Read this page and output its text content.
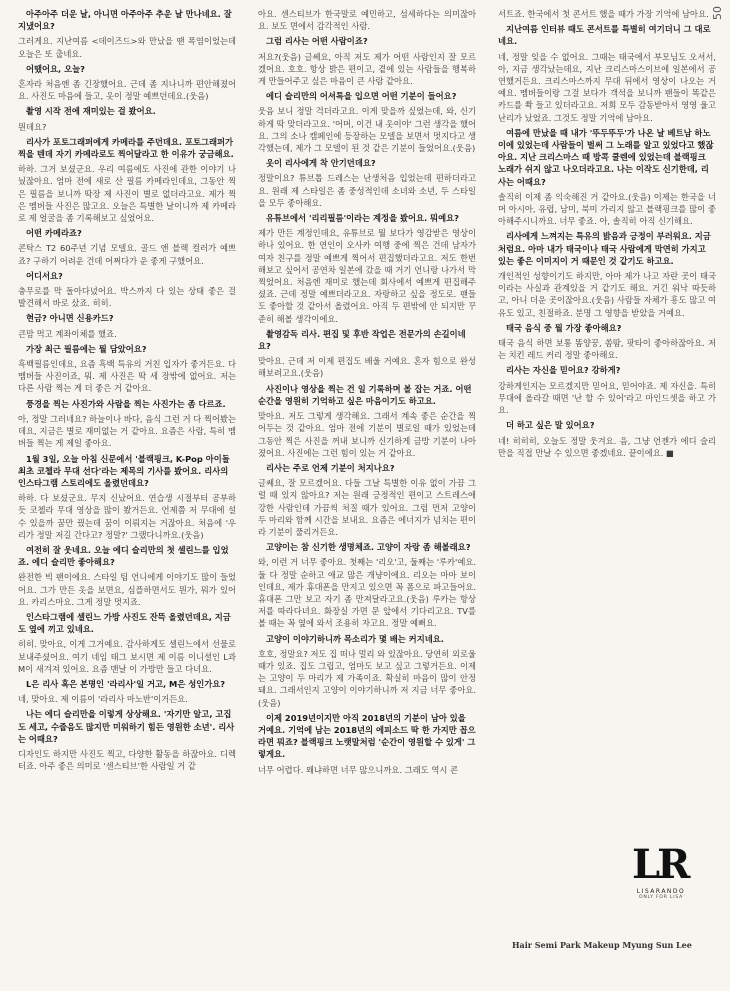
50

아주아주 더운 날, 아니면 아주아주 추운 날 만나네요. 잘 지냈어요?

그러게요. 지난여름 <데이즈드>와 만났을 땐 폭염이었는데 오늘은 또 춥네요.

어땠어요, 오늘?

혼자라 처음엔 좀 긴장했어요. 근데 좀 지나니까 편안해졌어요. 사진도 마음에 들고, 옷이 정말 예쁘던데요.(웃음)

촬영 시작 전에 재미있는 걸 봤어요.

뭔데요?

리사가 포토그래퍼에게 카메라를 주던데요. 포토그래퍼가 찍을 텐데 자기 카메라로도 찍어달라고 한 이유가 궁금해요.

하하. 그거 보셨군요. 우리 여름에도 사진에 관한 이야기 나눴잖아요. 엄마 전에 새로 산 필름 카메라인데요, 그동안 찍은 필름을 보니까 딱장 제 사진이 별로 없더라고요. 제가 찍은 멤버들 사진은 많고요. 오늘은 특별한 날이니까 제 카메라로 제 얼굴을 좀 기록해보고 싶었어요.

어떤 카메라죠?

콘탁스 T2 60주년 기념 모델요. 골드 앤 블랙 컬러가 예쁘죠? 구하기 어려운 건데 어쩌다가 운 좋게 구했어요.

어디서요?

충무로를 막 돌아다녔어요. 박스까지 다 있는 상태 좋은 걸 발견해서 바로 샀죠. 히히.

현금? 아니면 신용카드?

큰맘 먹고 계좌이체를 했죠.

가장 최근 필름에는 뭘 담았어요?

흑백필름인데요, 요즘 흑백 특유의 거친 입자가 좋거든요. 다 멤버들 사진이죠, 뭐. 제 사진은 딱 세 장밖에 없어요. 저는 다른 사람 찍는 게 더 좋은 거 같아요.

풍경을 찍는 사진가와 사람을 찍는 사진가는 좀 다르죠.

아, 정말 그러네요? 하늘이나 바다, 음식 그런 거 다 찍어봤는데요, 지금은 별로 재미없는 거 같아요. 요즘은 사람, 특히 멤버들 찍는 게 제일 좋아요.

1월 3일, 오늘 아침 신문에서 '블랙핑크, K-Pop 아이돌 최초 코첼라 무대 선다'라는 제목의 기사를 봤어요. 리사의 인스타그램 스토리에도 올렸던데요?

하하. 다 보셨군요. 무지 신났어요. 연습생 시절부터 공부하듯 코첼라 무대 영상을 많이 봤거든요. 언제쯤 저 무대에 설 수 있을까 꿈만 꿨는데 꿈이 이뤄지는 거잖아요. 처음에 '우리가 정말 저길 간다고? 정말?' 그랬다니까요.(웃음)

여전히 잘 웃네요. 오늘 에디 슬리만의 첫 셀린느를 입었죠. 에디 슬리만 좋아해요?

완전한 빅 팬이에요. 스타일 팀 언니에게 이야기도 많이 들었어요. 그가 만든 옷을 보면요, 심플하면서도 뭔가, 뭐가 있어요. 카리스마요. 그게 정말 멋지죠.

인스타그램에 셀린느 가방 사진도 잔뜩 올렸던데요, 지금도 옆에 끼고 있네요.

히히. 맞아요, 이게 그거예요. 감사하게도 셀린느에서 선물로 보내주셨어요. 여기 네임 태그 보시면 제 이름 이니셜인 L과 M이 새겨져 있어요. 요즘 맨날 이 가방만 들고 다녀요.

L은 리사 혹은 본명인 '라리사'일 거고, M은 성인가요?

네, 맞아요. 제 이름이 '라리사 마노반'이거든요.

나는 에디 슬리만을 이렇게 상상해요. '자기만 알고, 고집도 세고, 수줍음도 많지만 미워하기 힘든 영원한 소년'. 리사는 어때요?

디자인도 하지만 사진도 찍고, 다양한 활동을 하잖아요. 디렉터죠. 아주 좋은 의미로 '센스티브'한 사람일 거 같

아요. 센스티브가 한국말로 예민하고, 섬세하다는 의미잖아요. 보도 면에서 감각적인 사람.

그럼 리사는 어떤 사람이죠?

저요?(웃음) 글쎄요, 아직 저도 제가 어떤 사람인지 잘 모르겠어요. 호호. 항상 밝은 편이고, 곁에 있는 사람들을 행복하게 만들어주고 싶은 마음이 큰 사람 같아요.

에디 슬리만의 어셔톡을 입으면 어떤 기분이 들어요?

웃음 보니 정말 걱더라고요. 이게 맞을까 싶었는데, 와, 신기하게 딱 맞더라고요. '어머, 이건 내 옷이야' 그런 생각을 했어요. 그의 소나 캠페인에 등장하는 모델을 보면서 멋지다고 생각했는데, 제가 그 모델이 된 것 같은 기분이 들었어요.(웃음)

옷이 리사에게 착 안기던데요?

정말이요? 튜브톱 드레스는 난생처음 입었는데 편하더라고요. 원래 제 스타일은 좀 중성적인데 소녀와 소년, 두 스타일을 모두 좋아해요.

유튜브에서 '리리필름'이라는 계정을 봤어요. 뭐예요?

제가 만든 계정인데요, 유튜브로 뭘 보다가 영감받은 영상이 하나 있어요. 한 연인이 오사카 여행 중에 찍은 건데 남자가 여자 친구를 정말 예쁘게 찍어서 편집했더라고요. 저도 한번 해보고 싶어서 공연차 일본에 갔을 때 거기 언니랑 나가서 막 찍었어요. 처음엔 재미로 했는데 회사에서 예쁘게 편집해주셨죠. 근데 정말 예쁘더라고요. 자랑하고 싶을 정도로. 팬들도 좋아할 것 같아서 올렸어요. 아직 두 편밖에 안 되지만 꾸준히 해볼 생각이에요.

촬영감독 리사. 편집 및 후반 작업은 전문가의 손길이네요?

맞아요. 근데 저 이제 편집도 배울 거예요. 혼자 힘으로 완성해보려고요.(웃음)

사진이나 영상을 찍는 건 일 기록하며 볼 잡는 거죠. 어떤 순간을 영원히 기억하고 싶은 마음이기도 하고요.

맞아요. 저도 그렇게 생각해요. 그래서 계속 좋은 순간을 찍어두는 것 같아요. 엄마 전에 기분이 별로일 때가 있었는데 그동안 찍은 사진을 꺼내 보니까 신기하게 금방 기분이 나아졌어요. 사진에는 그런 힘이 있는 거 같아요.

리사는 주로 언제 기분이 처지나요?

글쎄요, 잘 모르겠어요. 다들 그날 특별한 이유 없이 가끔 그럴 때 있지 않아요? 저는 원래 긍정적인 편이고 스트레스에 강한 사람인데 가끔씩 처질 때가 있어요. 그럼 먼저 고양이 두 마리와 함께 시간을 보내요. 요즘은 에너지가 넘치는 편이라 기분이 풀리거든요.

고양이는 참 신기한 생명체죠. 고양이 자랑 좀 해볼래요?

와, 이런 거 너무 좋아요. 첫째는 '리오'고, 둘째는 '루카'예요. 둘 다 정말 순하고 애교 많은 개냥이에요. 리오는 마마 보이인데요, 제가 휴대폰을 만지고 있으면 꼭 폼으로 파고들어요. 휴대폰 그만 보고 자기 좀 만져달라고요.(웃음) 루카는 항상 저를 따라다녀요. 화장실 가면 문 앞에서 기다리고요. TV를 볼 때는 꼭 옆에 와서 조용히 자고요. 정말 예뻐요.

고양이 이야기하니까 목소리가 몇 배는 커지네요.

호호, 정말요? 저도 집 떠나 멀리 와 있잖아요. 당연히 외로울 때가 있죠. 집도 그립고, 엄마도 보고 싶고 그렇거든요. 이제는 고양이 두 마리가 제 가족이죠. 확실히 마음이 많이 안정돼요. 그래서인지 고양이 이야기하니까 저 지금 너무 좋아요.(웃음)

이제 2019년이지만 아직 2018년의 기분이 남아 있을 거예요. 기억에 남는 2018년의 에피소드 딱 한 가지만 꼽으라면 뭐죠? 블랙핑크 노랫말처럼 '순간이 영원할 수 있게' 그렇게요.

너무 어렵다. 왜냐하면 너무 많으니까요. 그래도 역시 콘

서트죠. 한국에서 첫 콘서트 했을 때가 가장 기억에 남아요.

지난여름 인터뷰 때도 콘서트를 특별히 여기더니 그 대로네요.

네, 정말 잊을 수 없어요. 그때는 태국에서 부모님도 오셔서, 아, 지금 생각났는데요, 지난 크리스마스이브에 일본에서 공연했거든요. 크리스마스까지 무대 뒤에서 영상이 나오는 거예요. 멤버들이랑 그걸 보다가 객석을 보니까 팬들이 똑같은 카드를 쫙 들고 있더라고요. 저희 모두 감동받아서 영영 울고 난리가 났었죠. 그것도 정말 기억에 남아요.

여름에 만났을 때 내가 '뚜두뚜두'가 나온 날 베트남 하노이에 있었는데 사람들이 벌써 그 노래를 알고 있었다고 했잖아요. 지난 크리스마스 때 방콕 쿨렌에 있었는데 블랙핑크 노래가 쉬지 않고 나오더라고요. 나는 이작도 신기한데, 리사는 어때요?

솔직히 이제 좀 익숙해진 거 같아요.(웃음) 이제는 한국을 너머 아시아, 유럽, 남미, 북미 가리지 않고 블랙핑크를 많이 좋아해주시니까요. 너무 좋죠. 아, 솔직히 아직 신기해요.

리사에게 느껴지는 특유의 밝음과 긍정이 부러워요. 지금처럼요. 아마 내가 태국이나 태국 사람에게 막연히 가지고 있는 좋은 이미지이 거 때문인 것 같기도 하고요.

개인적인 성향이기도 하지만, 아마 제가 나고 자란 곳이 태국이라는 사실과 관계있을 거 같기도 해요. 거긴 워낙 따듯하고, 아니 더운 곳이잖아요.(웃음) 사람들 자체가 흥도 많고 여유도 있고, 친절하죠. 분명 그 영향을 받았을 거예요.

태국 음식 중 뭘 가장 좋아해요?

태국 음식 하면 보통 똠양꿍, 쏨땀, 팟타이 좋아하잖아요. 저는 치킨 레드 커리 정말 좋아해요.

리사는 자신을 믿어요? 강하게?

강하게인지는 모르겠지만 믿어요, 믿어야죠. 제 자신을. 특히 무대에 올라갈 때면 '난 할 수 있어'라고 마인드셋을 하고 가요.

더 하고 싶은 말 있어요?

네! 히히히, 오늘도 정말 웃겨요. 음, 그냥 언젠가 에디 슬리만을 직접 만날 수 있으면 좋겠네요. 끝이에요. ■

LR
LISARANDO
ONLY FOR LISA
Hair Semi Park Makeup Myung Sun Lee
